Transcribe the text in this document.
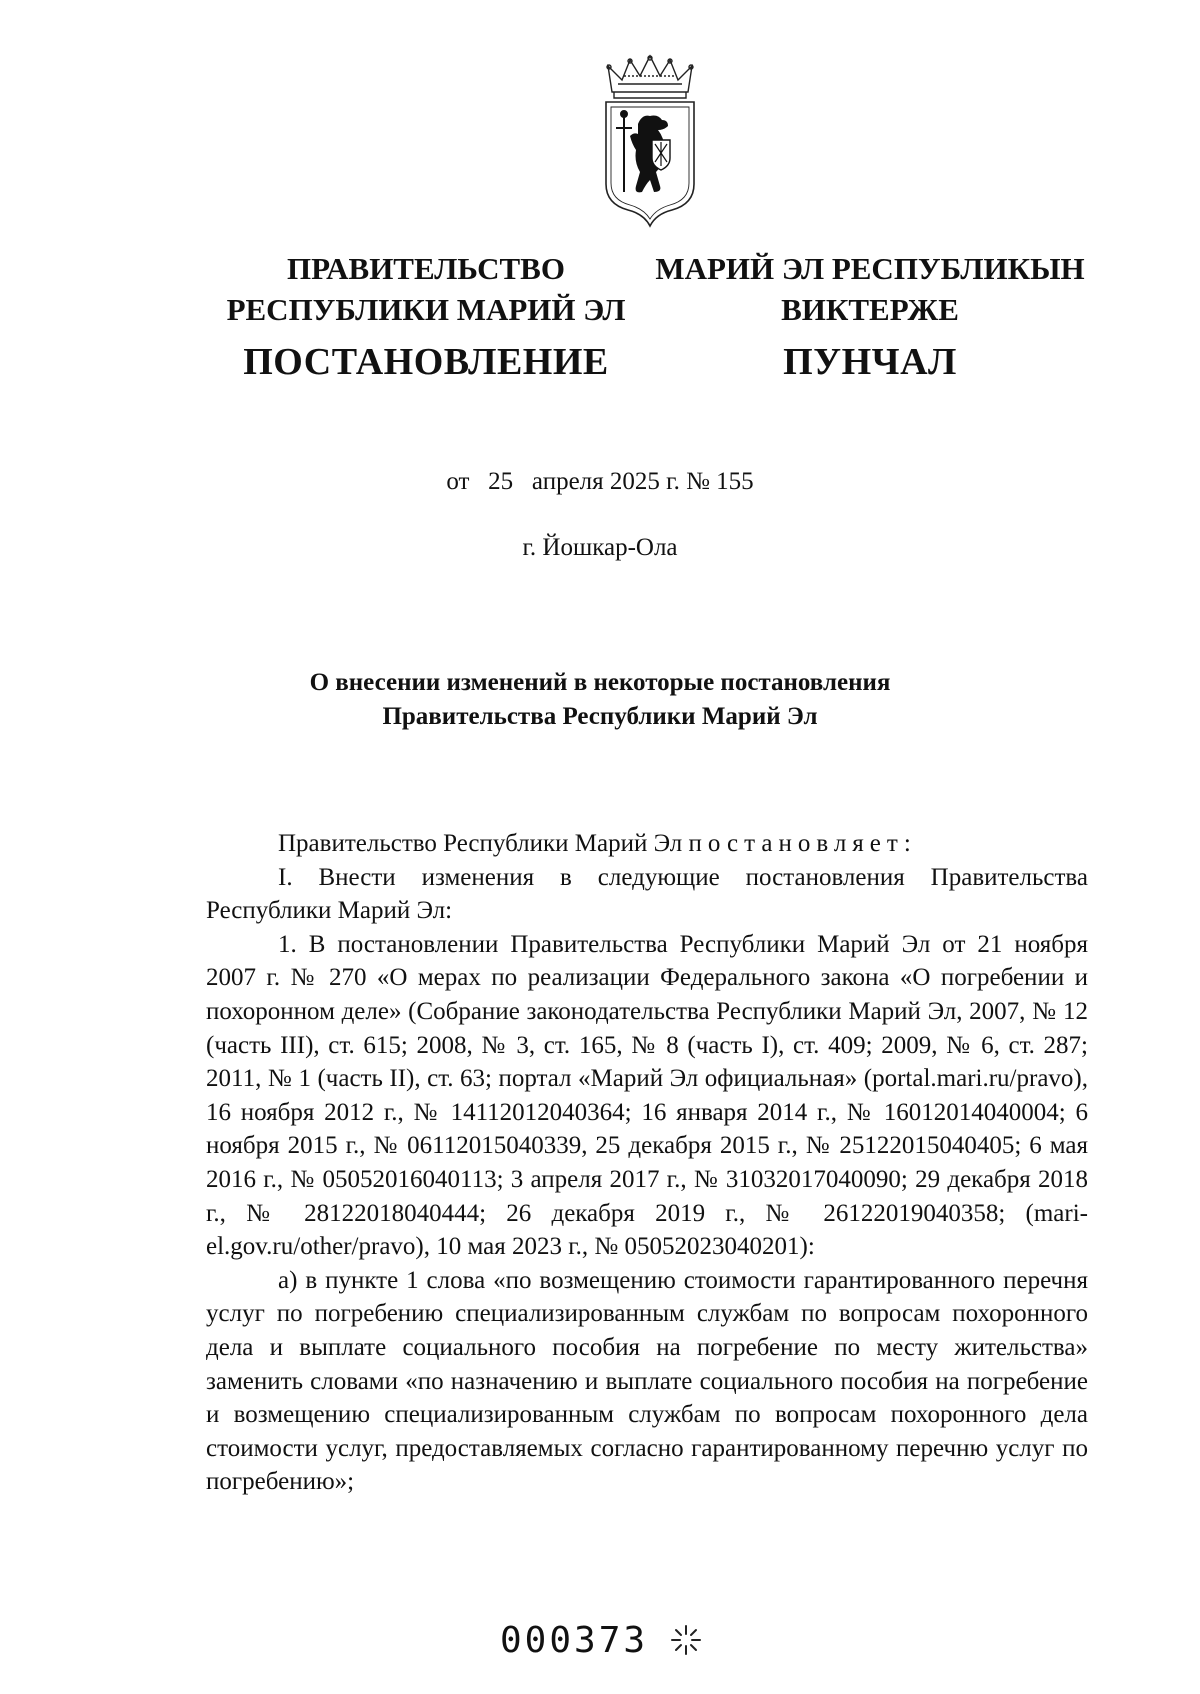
ПРАВИТЕЛЬСТВО
РЕСПУБЛИКИ МАРИЙ ЭЛ
ПОСТАНОВЛЕНИЕ
МАРИЙ ЭЛ РЕСПУБЛИКЫН
ВИКТЕРЖЕ
ПУНЧАЛ
от 25 апреля 2025 г. № 155
г. Йошкар-Ола
О внесении изменений в некоторые постановления
Правительства Республики Марий Эл

Правительство Республики Марий Эл постановляет:

I. Внести изменения в следующие постановления Правительства Республики Марий Эл:

1. В постановлении Правительства Республики Марий Эл от 21 ноября 2007 г. № 270 «О мерах по реализации Федерального закона «О погребении и похоронном деле» (Собрание законодательства Республики Марий Эл, 2007, № 12 (часть III), ст. 615; 2008, № 3, ст. 165, № 8 (часть I), ст. 409; 2009, № 6, ст. 287; 2011, № 1 (часть II), ст. 63; портал «Марий Эл официальная» (portal.mari.ru/pravo), 16 ноября 2012 г., № 14112012040364; 16 января 2014 г., № 16012014040004; 6 ноября 2015 г., № 06112015040339, 25 декабря 2015 г., № 25122015040405; 6 мая 2016 г., № 05052016040113; 3 апреля 2017 г., № 31032017040090; 29 декабря 2018 г., № 28122018040444; 26 декабря 2019 г., № 26122019040358; (mari-el.gov.ru/other/pravo), 10 мая 2023 г., № 05052023040201):

а) в пункте 1 слова «по возмещению стоимости гарантированного перечня услуг по погребению специализированным службам по вопросам похоронного дела и выплате социального пособия на погребение по месту жительства» заменить словами «по назначению и выплате социального пособия на погребение и возмещению специализированным службам по вопросам похоронного дела стоимости услуг, предоставляемых согласно гарантированному перечню услуг по погребению»;

000373
